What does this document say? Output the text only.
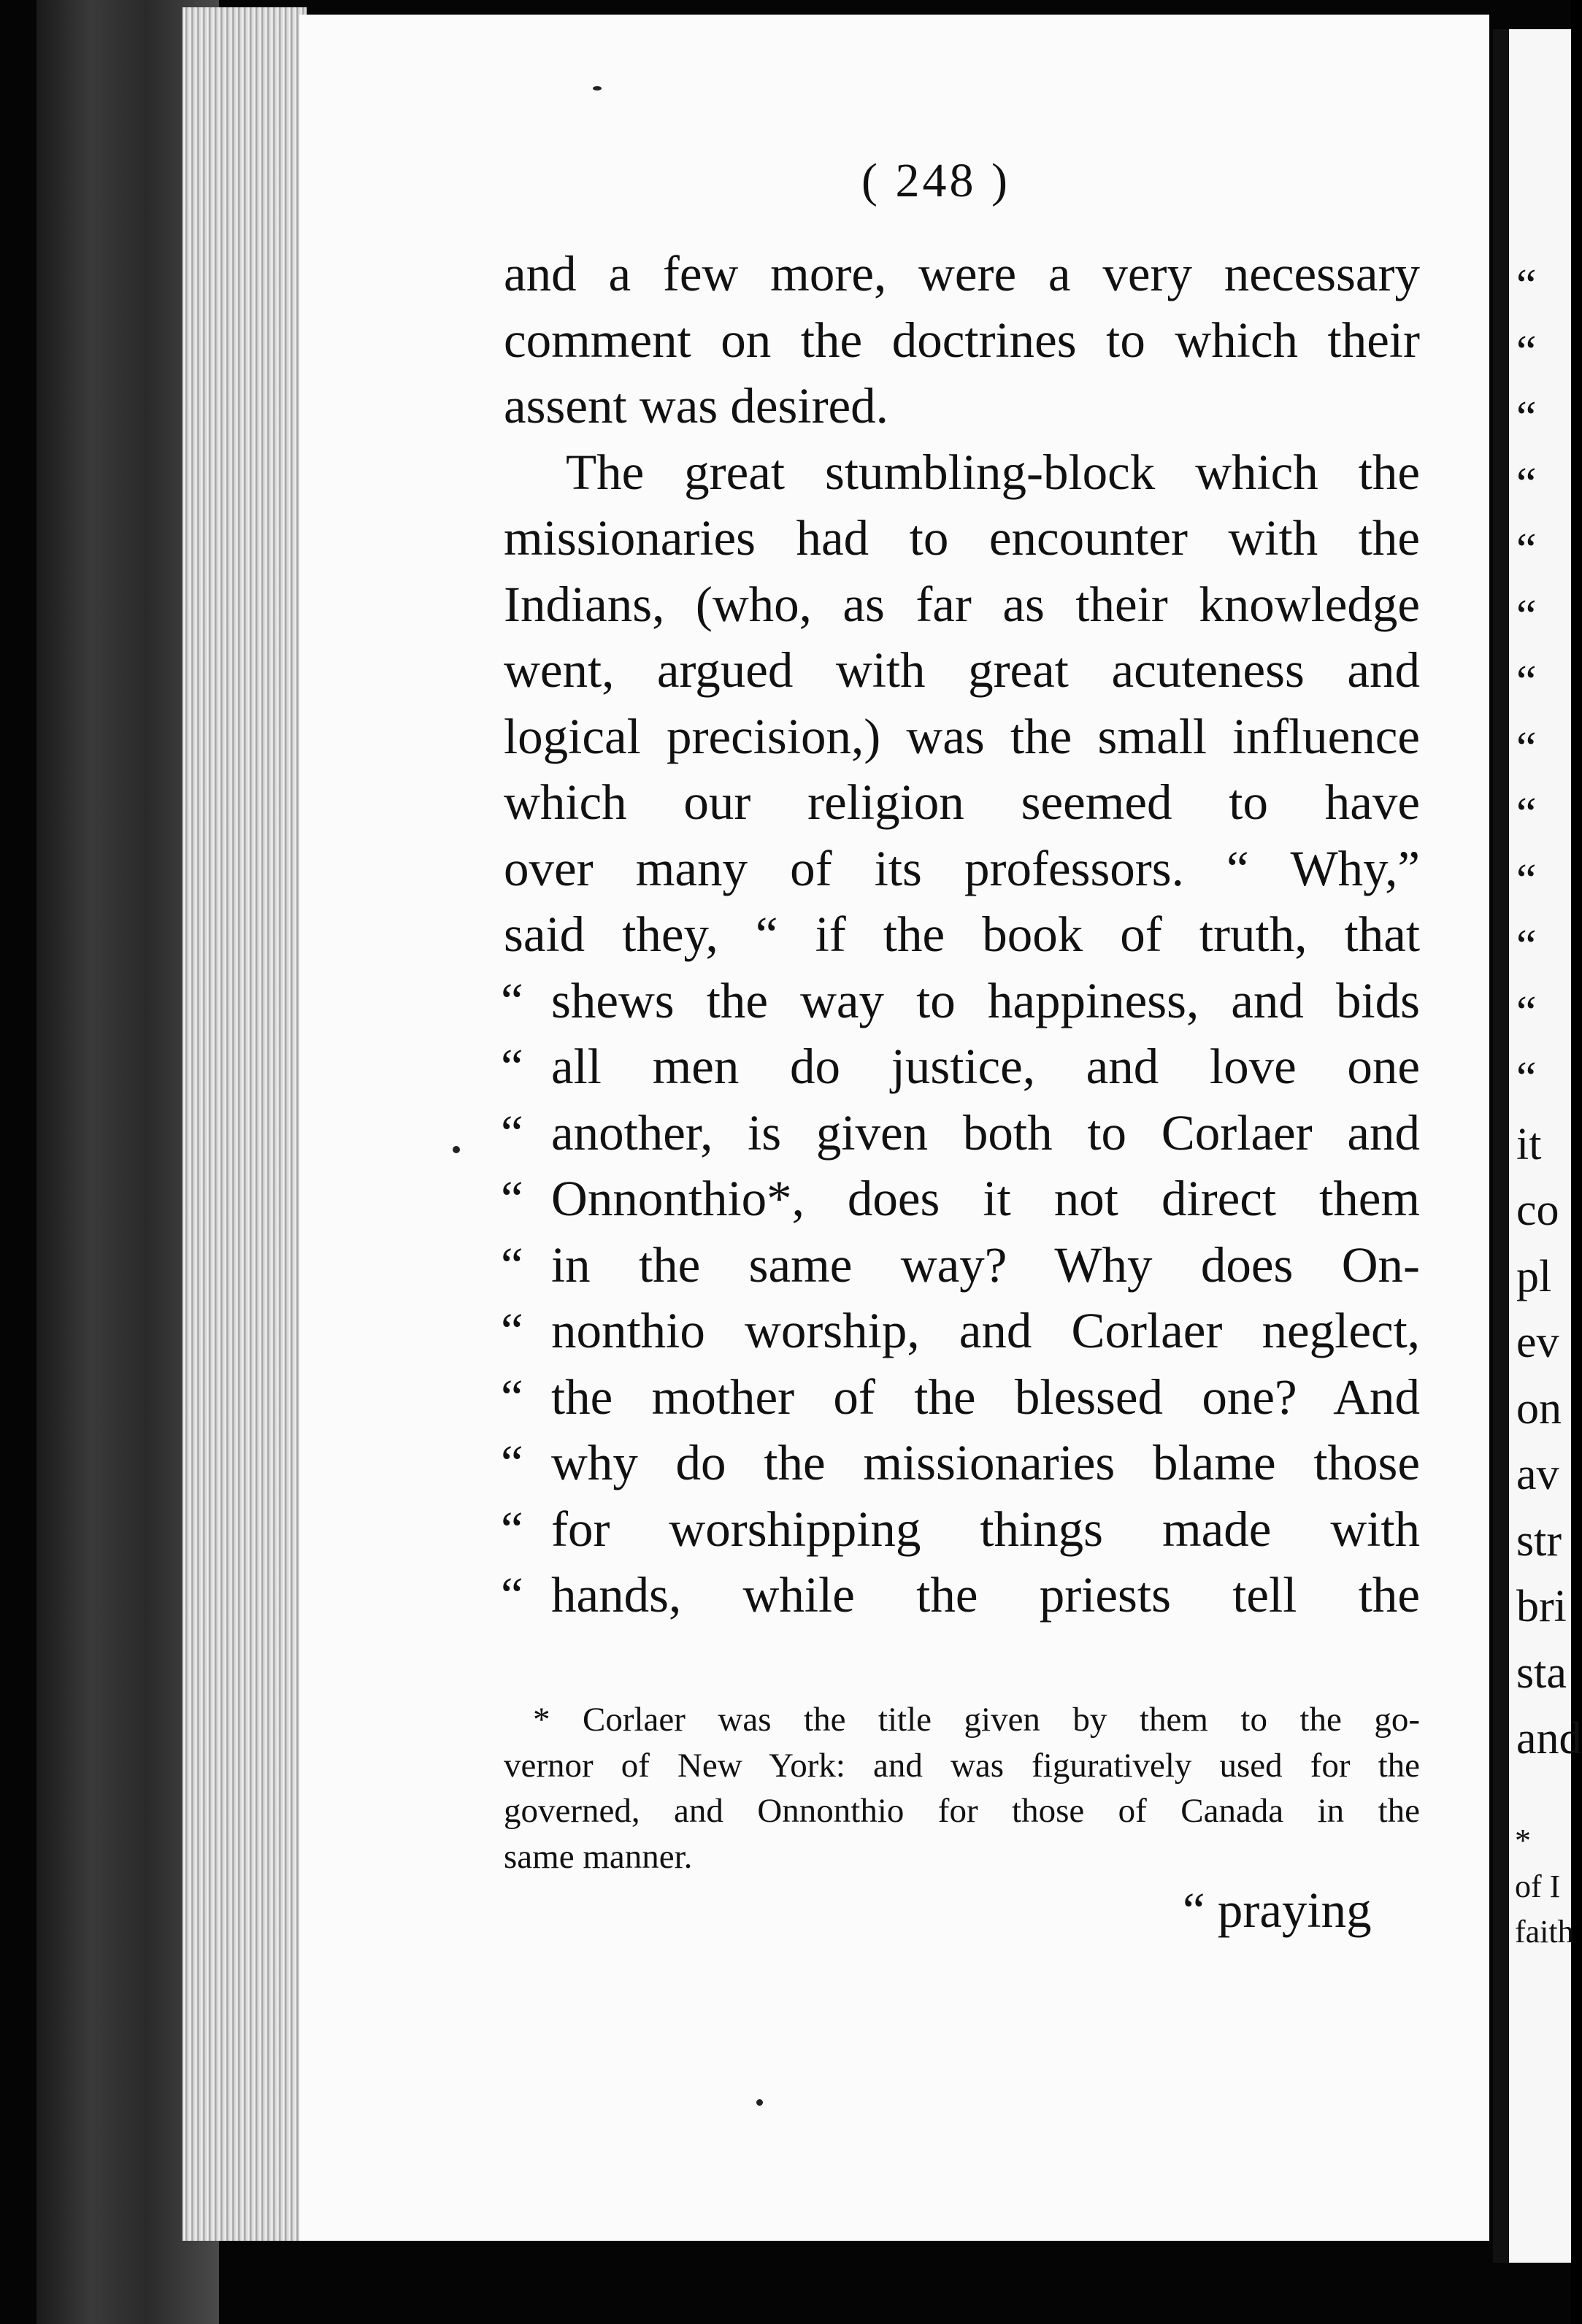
“
“
“
“
“
“
“
“
“
“
“
“
“
it
co
pl
ev
on
av
str
bri
sta
and
*
of I
faith
( 248 )
and a few more, were a very necessary
comment on the doctrines to which their
assent was desired.
The great stumbling-block which the
missionaries had to encounter with the
Indians, (who, as far as their knowledge
went, argued with great acuteness and
logical precision,) was the small influence
which our religion seemed to have
over many of its professors. “ Why,”
said they, “ if the book of truth, that
“ shews the way to happiness, and bids
“ all men do justice, and love one
“ another, is given both to Corlaer and
“ Onnonthio*, does it not direct them
“ in the same way? Why does On-
“ nonthio worship, and Corlaer neglect,
“ the mother of the blessed one? And
“ why do the missionaries blame those
“ for worshipping things made with
“ hands, while the priests tell the
* Corlaer was the title given by them to the go-
vernor of New York: and was figuratively used for the
governed, and Onnonthio for those of Canada in the
same manner.
“ praying
